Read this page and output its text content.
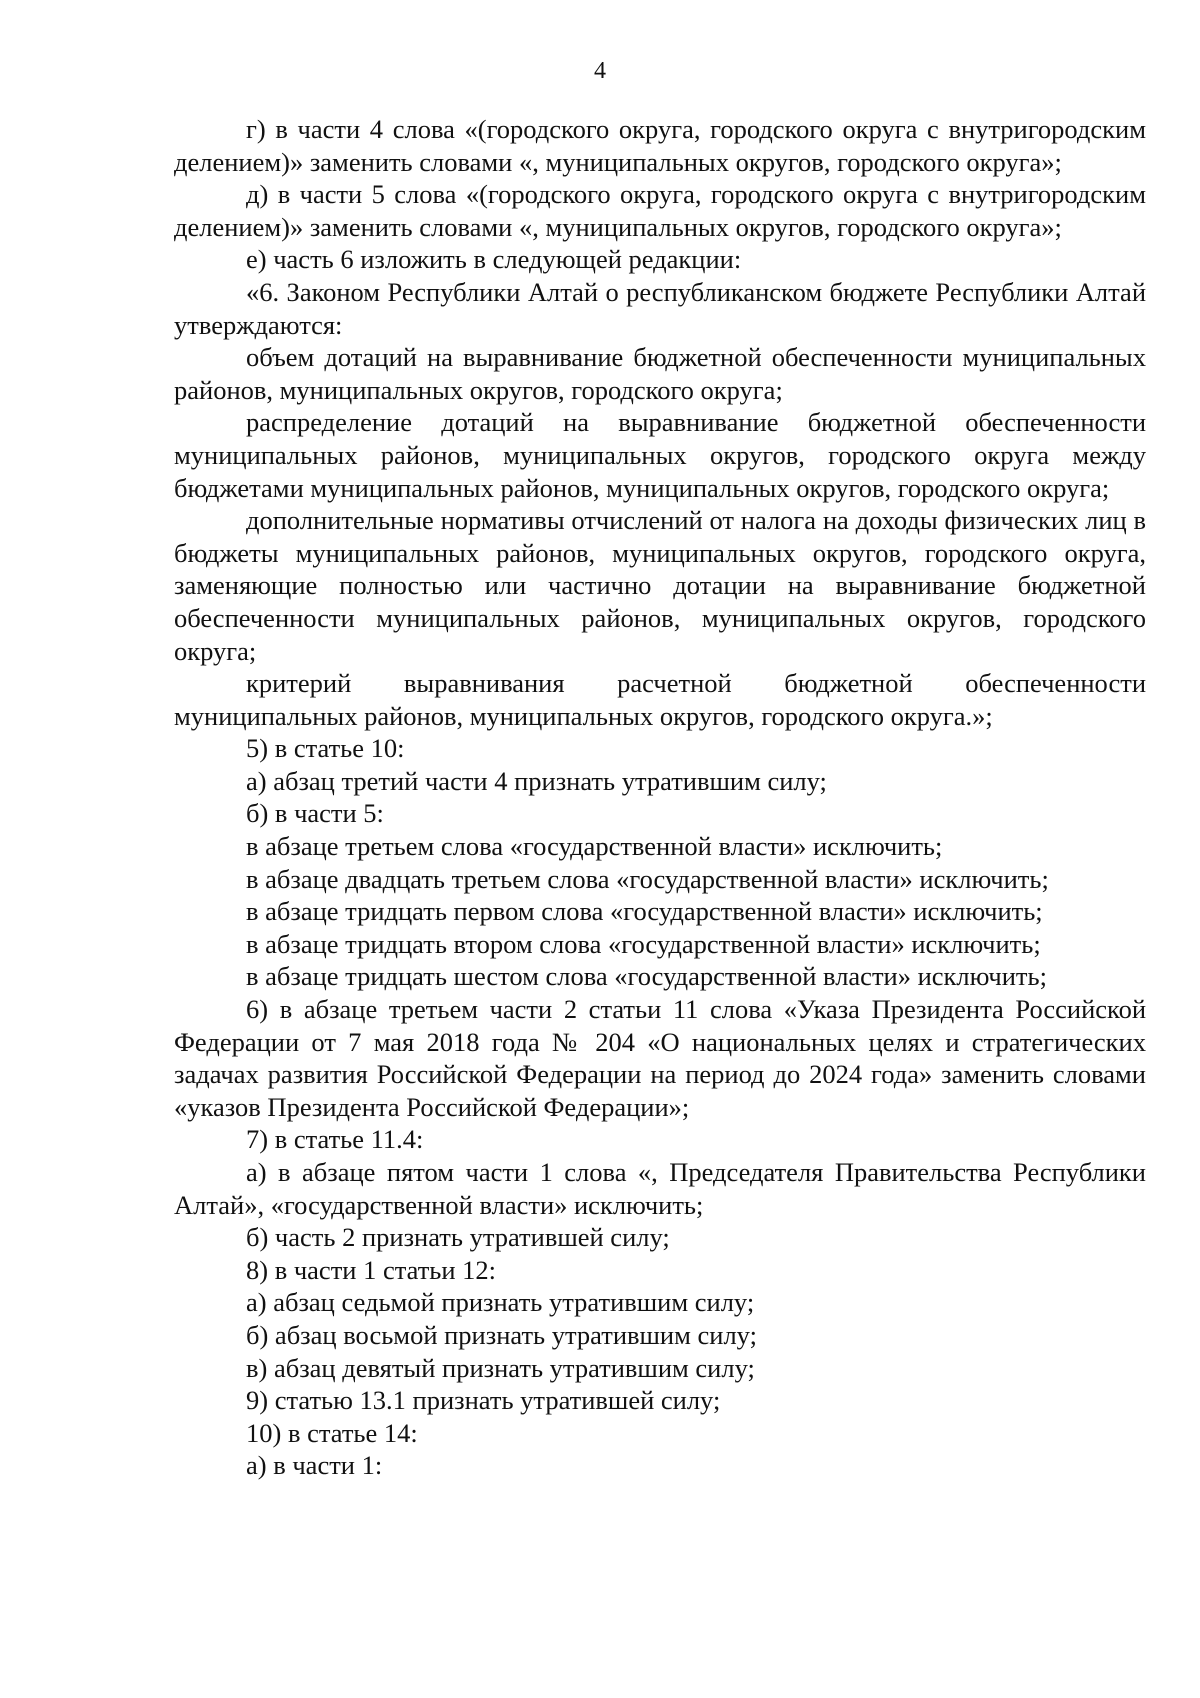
4

г) в части 4 слова «(городского округа, городского округа с внутригородским делением)» заменить словами «, муниципальных округов, городского округа»;

д) в части 5 слова «(городского округа, городского округа с внутригородским делением)» заменить словами «, муниципальных округов, городского округа»;

е) часть 6 изложить в следующей редакции:

«6. Законом Республики Алтай о республиканском бюджете Республики Алтай утверждаются:

объем дотаций на выравнивание бюджетной обеспеченности муниципальных районов, муниципальных округов, городского округа;

распределение дотаций на выравнивание бюджетной обеспеченности муниципальных районов, муниципальных округов, городского округа между бюджетами муниципальных районов, муниципальных округов, городского округа;

дополнительные нормативы отчислений от налога на доходы физических лиц в бюджеты муниципальных районов, муниципальных округов, городского округа, заменяющие полностью или частично дотации на выравнивание бюджетной обеспеченности муниципальных районов, муниципальных округов, городского округа;

критерий выравнивания расчетной бюджетной обеспеченности муниципальных районов, муниципальных округов, городского округа.»;

5) в статье 10:

а) абзац третий части 4 признать утратившим силу;

б) в части 5:

в абзаце третьем слова «государственной власти» исключить;

в абзаце двадцать третьем слова «государственной власти» исключить;

в абзаце тридцать первом слова «государственной власти» исключить;

в абзаце тридцать втором слова «государственной власти» исключить;

в абзаце тридцать шестом слова «государственной власти» исключить;

6) в абзаце третьем части 2 статьи 11 слова «Указа Президента Российской Федерации от 7 мая 2018 года № 204 «О национальных целях и стратегических задачах развития Российской Федерации на период до 2024 года» заменить словами «указов Президента Российской Федерации»;

7) в статье 11.4:

а) в абзаце пятом части 1 слова «, Председателя Правительства Республики Алтай», «государственной власти» исключить;

б) часть 2 признать утратившей силу;

8) в части 1 статьи 12:

а) абзац седьмой признать утратившим силу;

б) абзац восьмой признать утратившим силу;

в) абзац девятый признать утратившим силу;

9) статью 13.1 признать утратившей силу;

10) в статье 14:

а) в части 1:
